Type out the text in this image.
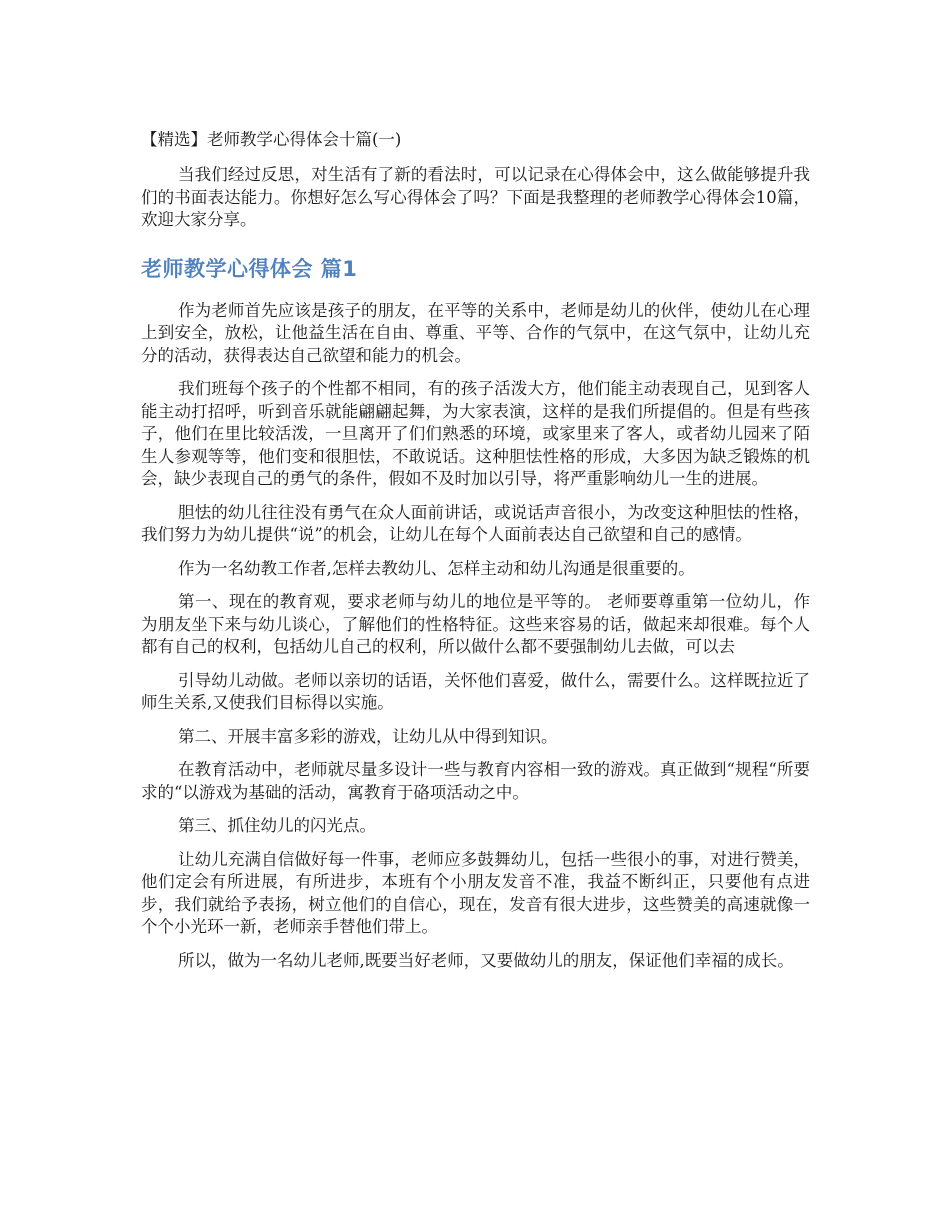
【精选】老师教学心得体会十篇(一)

当我们经过反思，对生活有了新的看法时，可以记录在心得体会中，这么做能够提升我们的书面表达能力。你想好怎么写心得体会了吗？下面是我整理的老师教学心得体会10篇，欢迎大家分享。

老师教学心得体会 篇1

作为老师首先应该是孩子的朋友，在平等的关系中，老师是幼儿的伙伴，使幼儿在心理上到安全，放松，让他益生活在自由、尊重、平等、合作的气氛中，在这气氛中，让幼儿充分的活动，获得表达自己欲望和能力的机会。

我们班每个孩子的个性都不相同，有的孩子活泼大方，他们能主动表现自己，见到客人能主动打招呼，听到音乐就能翩翩起舞，为大家表演，这样的是我们所提倡的。但是有些孩子，他们在里比较活泼，一旦离开了们们熟悉的环境，或家里来了客人，或者幼儿园来了陌生人参观等等，他们变和很胆怯，不敢说话。这种胆怯性格的形成，大多因为缺乏锻炼的机会，缺少表现自己的勇气的条件，假如不及时加以引导，将严重影响幼儿一生的进展。

胆怯的幼儿往往没有勇气在众人面前讲话，或说话声音很小，为改变这种胆怯的性格，我们努力为幼儿提供“说”的机会，让幼儿在每个人面前表达自己欲望和自己的感情。

作为一名幼教工作者,怎样去教幼儿、怎样主动和幼儿沟通是很重要的。

第一、现在的教育观，要求老师与幼儿的地位是平等的。 老师要尊重第一位幼儿，作为朋友坐下来与幼儿谈心，了解他们的性格特征。这些来容易的话，做起来却很难。每个人都有自己的权利，包括幼儿自己的权利，所以做什么都不要强制幼儿去做，可以去

引导幼儿动做。老师以亲切的话语，关怀他们喜爱，做什么，需要什么。这样既拉近了师生关系,又使我们目标得以实施。

第二、开展丰富多彩的游戏，让幼儿从中得到知识。

在教育活动中，老师就尽量多设计一些与教育内容相一致的游戏。真正做到“规程“所要求的“以游戏为基础的活动，寓教育于硌项活动之中。

第三、抓住幼儿的闪光点。

让幼儿充满自信做好每一件事，老师应多鼓舞幼儿，包括一些很小的事，对进行赞美，他们定会有所进展，有所进步，本班有个小朋友发音不准，我益不断纠正，只要他有点进步，我们就给予表扬，树立他们的自信心，现在，发音有很大进步，这些赞美的高速就像一个个小光环一新，老师亲手替他们带上。

所以，做为一名幼儿老师,既要当好老师，又要做幼儿的朋友，保证他们幸福的成长。
